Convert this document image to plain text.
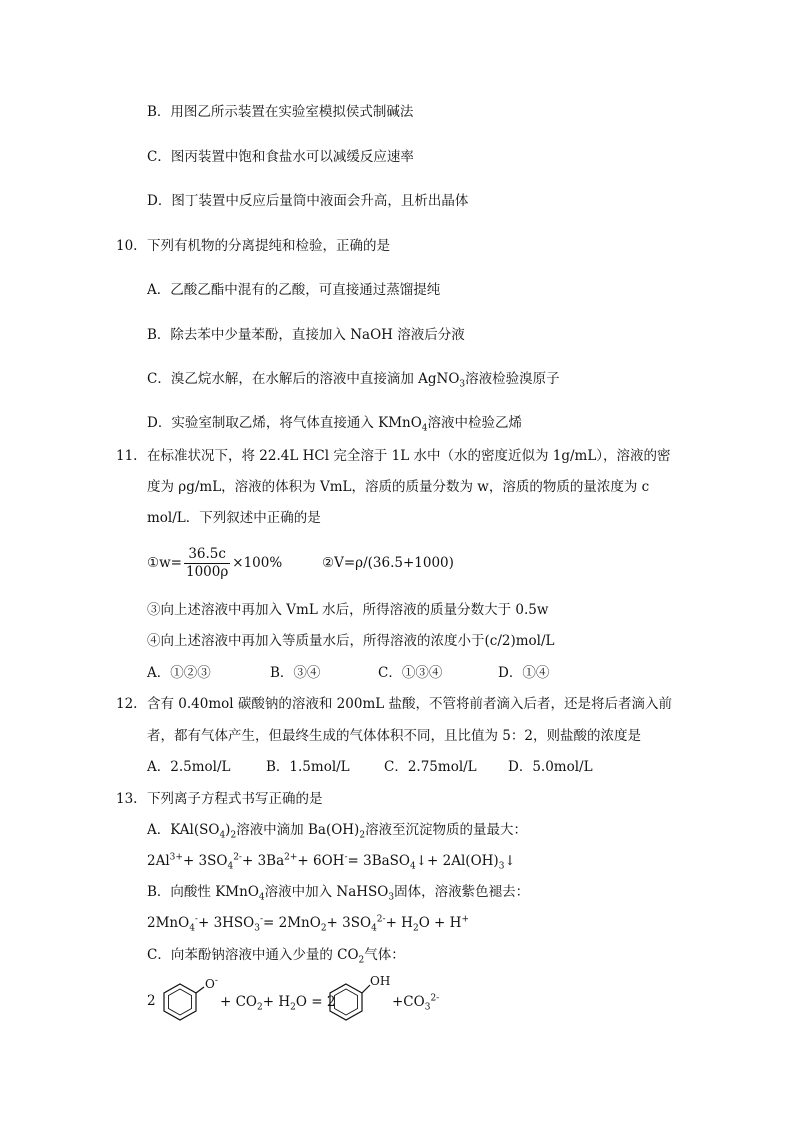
B．用图乙所示装置在实验室模拟侯式制碱法
C．图丙装置中饱和食盐水可以减缓反应速率
D．图丁装置中反应后量筒中液面会升高，且析出晶体
10. 下列有机物的分离提纯和检验，正确的是
A．乙酸乙酯中混有的乙酸，可直接通过蒸馏提纯
B．除去苯中少量苯酚，直接加入 NaOH 溶液后分液
C．溴乙烷水解，在水解后的溶液中直接滴加 AgNO$_3$溶液检验溴原子
D．实验室制取乙烯，将气体直接通入 KMnO$_4$溶液中检验乙烯
11. 在标准状况下，将 22.4L HCl 完全溶于 1L 水中（水的密度近似为 1g/mL），溶液的密
度为 ρg/mL，溶液的体积为 VmL，溶质的质量分数为 w，溶质的物质的量浓度为 c
mol/L．下列叙述中正确的是
①w= $\frac{36.5c}{1000\rho} \times 100\%$	②V=ρ/(36.5+1000)
③向上述溶液中再加入 VmL 水后，所得溶液的质量分数大于 0.5w
④向上述溶液中再加入等质量水后，所得溶液的浓度小于(c/2)mol/L
A．①②③	B．③④	C．①③④	D．①④
12. 含有 0.40mol 碳酸钠的溶液和 200mL 盐酸，不管将前者滴入后者，还是将后者滴入前
者，都有气体产生，但最终生成的气体体积不同，且比值为 5：2，则盐酸的浓度是
A．2.5mol/L	B．1.5mol/L	C．2.75mol/L D．5.0mol/L
13. 下列离子方程式书写正确的是
A．$KAl(SO_4)_2$溶液中滴加 $Ba(OH)_2$溶液至沉淀物质的量最大：
$2Al^{3+}+ 3SO_4^{2-}+ 3Ba^{2+}+ 6OH^-=$ 3BaSO$_4$↓+ $2Al(OH)_3↓$
B．向酸性 KMnO$_4$溶液中加入 NaHSO$_3$固体，溶液紫色褪去：
$2MnO_4^-+ 3HSO_3^-= 2MnO_2+ 3SO_4^{2-}+ H_2O + H^+$
C．向苯酚钠溶液中通入少量的 $CO_2$气体：
2
O-
+ $CO_2+ H_2O = 2$
OH
$+CO_3^{2-}$
